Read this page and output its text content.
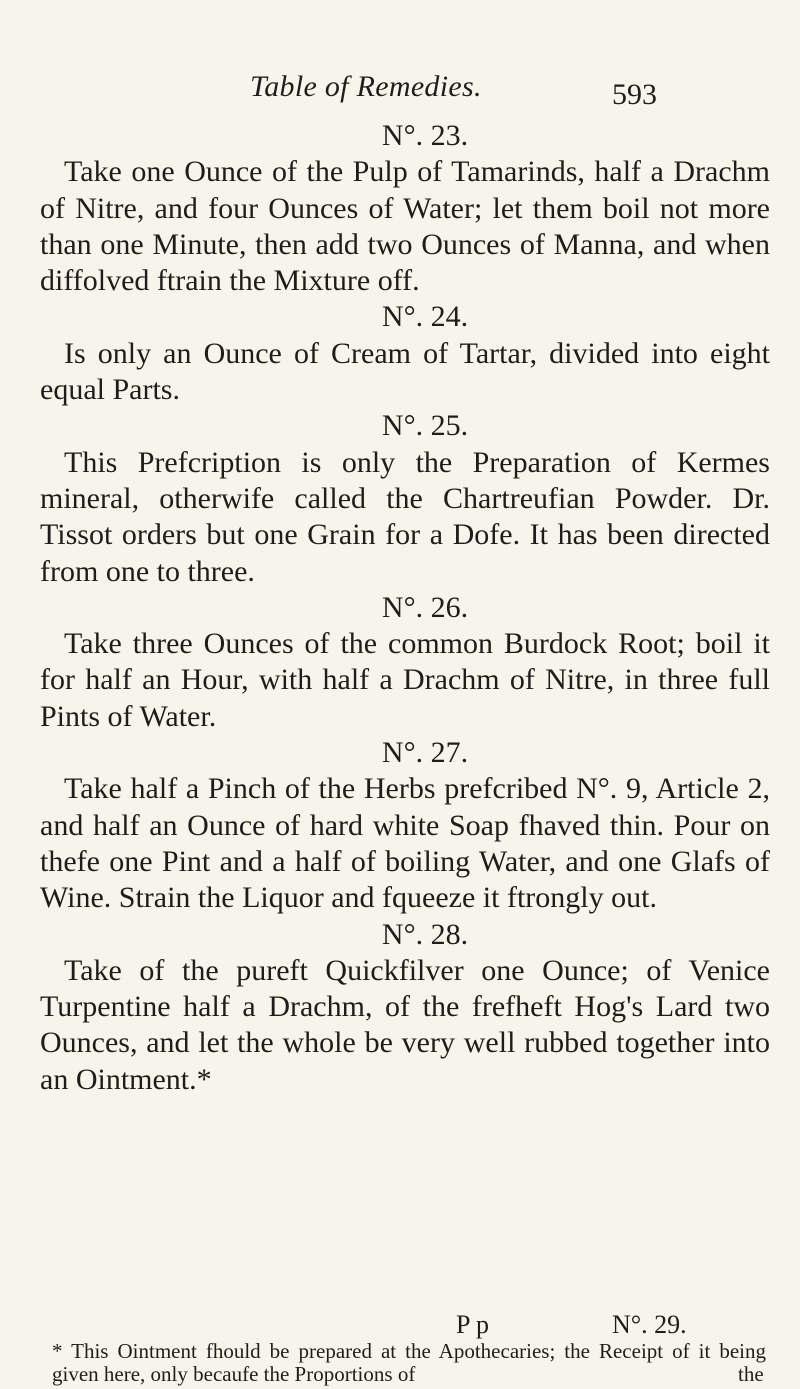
Table of Remedies.	593
N°. 23.

Take one Ounce of the Pulp of Tamarinds, half a Drachm of Nitre, and four Ounces of Water; let them boil not more than one Minute, then add two Ounces of Manna, and when diffolved ftrain the Mixture off.

N°. 24.

Is only an Ounce of Cream of Tartar, divided into eight equal Parts.

N°. 25.

This Prefcription is only the Preparation of Kermes mineral, otherwife called the Chartreufian Powder. Dr. Tissot orders but one Grain for a Dofe. It has been directed from one to three.

N°. 26.

Take three Ounces of the common Burdock Root; boil it for half an Hour, with half a Drachm of Nitre, in three full Pints of Water.

N°. 27.

Take half a Pinch of the Herbs prefcribed N°. 9, Article 2, and half an Ounce of hard white Soap fhaved thin. Pour on thefe one Pint and a half of boiling Water, and one Glafs of Wine. Strain the Liquor and fqueeze it ftrongly out.

N°. 28.

Take of the pureft Quickfilver one Ounce; of Venice Turpentine half a Drachm, of the frefheft Hog's Lard two Ounces, and let the whole be very well rubbed together into an Ointment.*

P p	N°. 29.
* This Ointment fhould be prepared at the Apothecaries; the Receipt of it being given here, only becaufe the Proportions of	the
